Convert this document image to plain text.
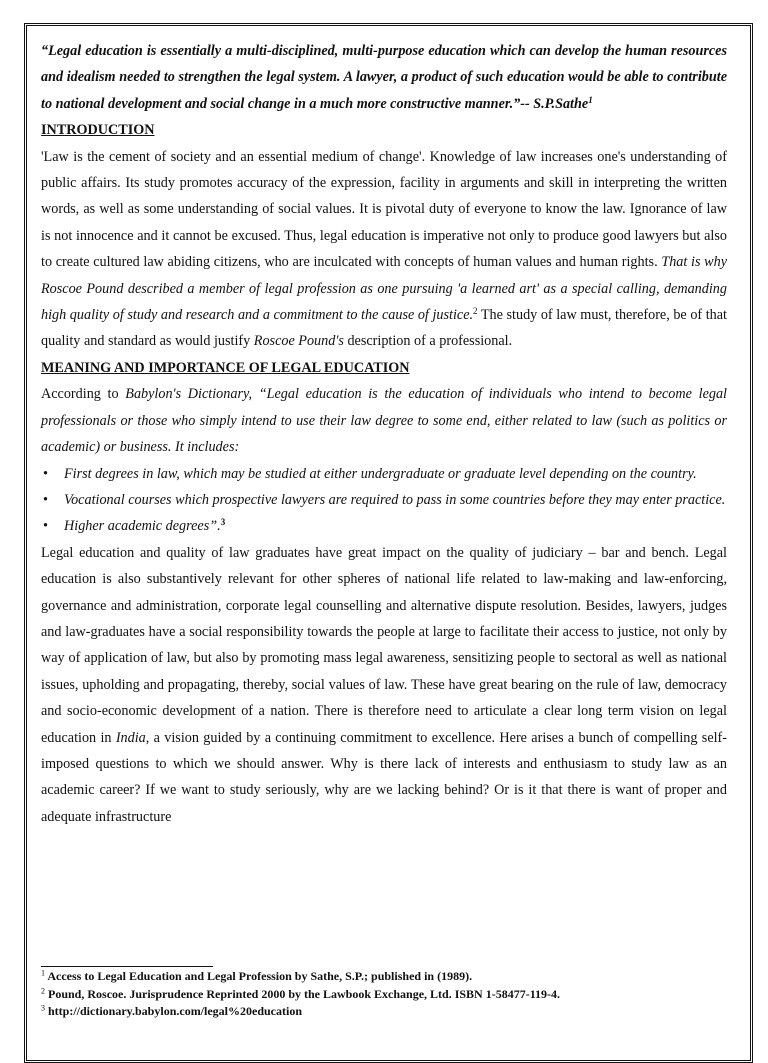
“Legal education is essentially a multi-disciplined, multi-purpose education which can develop the human resources and idealism needed to strengthen the legal system. A lawyer, a product of such education would be able to contribute to national development and social change in a much more constructive manner.”-- S.P.Sathe$^1$

INTRODUCTION

'Law is the cement of society and an essential medium of change'. Knowledge of law increases one's understanding of public affairs. Its study promotes accuracy of the expression, facility in arguments and skill in interpreting the written words, as well as some understanding of social values. It is pivotal duty of everyone to know the law. Ignorance of law is not innocence and it cannot be excused. Thus, legal education is imperative not only to produce good lawyers but also to create cultured law abiding citizens, who are inculcated with concepts of human values and human rights. That is why Roscoe Pound described a member of legal profession as one pursuing 'a learned art' as a special calling, demanding high quality of study and research and a commitment to the cause of justice.$^2$ The study of law must, therefore, be of that quality and standard as would justify Roscoe Pound's description of a professional.

MEANING AND IMPORTANCE OF LEGAL EDUCATION

According to Babylon's Dictionary, “Legal education is the education of individuals who intend to become legal professionals or those who simply intend to use their law degree to some end, either related to law (such as politics or academic) or business. It includes:

• First degrees in law, which may be studied at either undergraduate or graduate level depending on the country.
• Vocational courses which prospective lawyers are required to pass in some countries before they may enter practice.
• Higher academic degrees”.$^3$

Legal education and quality of law graduates have great impact on the quality of judiciary – bar and bench. Legal education is also substantively relevant for other spheres of national life related to law-making and law-enforcing, governance and administration, corporate legal counselling and alternative dispute resolution. Besides, lawyers, judges and law-graduates have a social responsibility towards the people at large to facilitate their access to justice, not only by way of application of law, but also by promoting mass legal awareness, sensitizing people to sectoral as well as national issues, upholding and propagating, thereby, social values of law. These have great bearing on the rule of law, democracy and socio-economic development of a nation. There is therefore need to articulate a clear long term vision on legal education in India, a vision guided by a continuing commitment to excellence. Here arises a bunch of compelling self-imposed questions to which we should answer. Why is there lack of interests and enthusiasm to study law as an academic career? If we want to study seriously, why are we lacking behind? Or is it that there is want of proper and adequate infrastructure

$^1$ Access to Legal Education and Legal Profession by Sathe, S.P.; published in (1989).
$^2$ Pound, Roscoe. Jurisprudence Reprinted 2000 by the Lawbook Exchange, Ltd. ISBN 1-58477-119-4.
$^3$ http://dictionary.babylon.com/legal%20education
